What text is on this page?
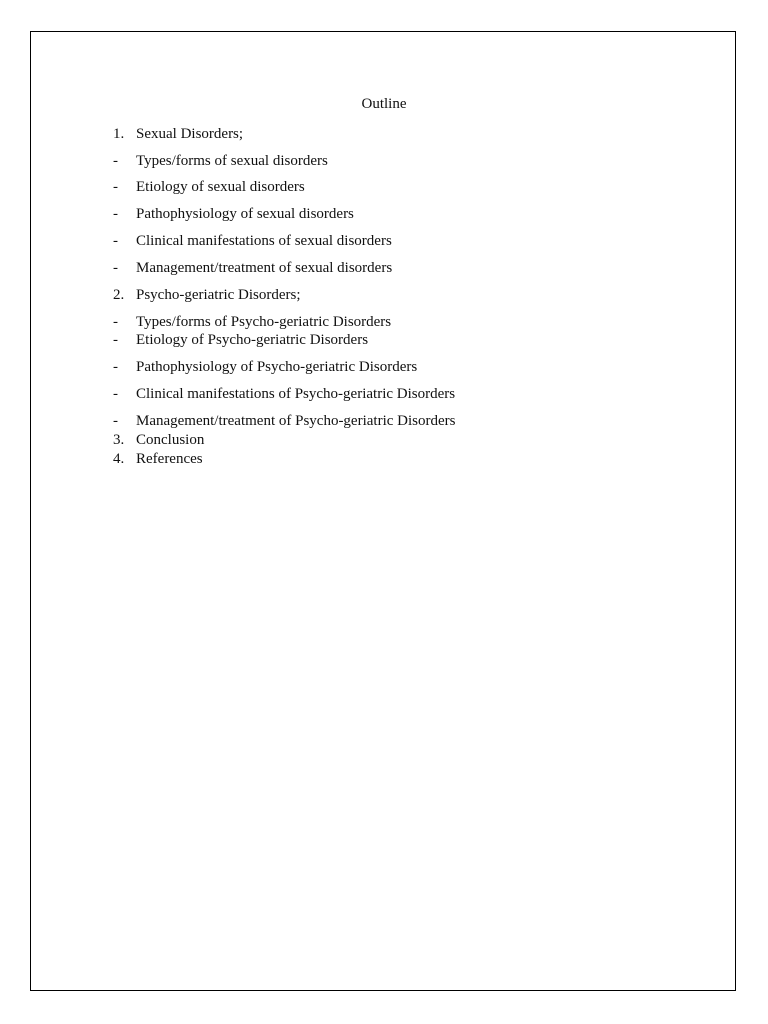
Outline
1. Sexual Disorders;
- Types/forms of sexual disorders
- Etiology of sexual disorders
- Pathophysiology of sexual disorders
- Clinical manifestations of sexual disorders
- Management/treatment of sexual disorders
2. Psycho-geriatric Disorders;
- Types/forms of Psycho-geriatric Disorders
- Etiology of Psycho-geriatric Disorders
- Pathophysiology of Psycho-geriatric Disorders
- Clinical manifestations of Psycho-geriatric Disorders
- Management/treatment of Psycho-geriatric Disorders
3. Conclusion
4. References
